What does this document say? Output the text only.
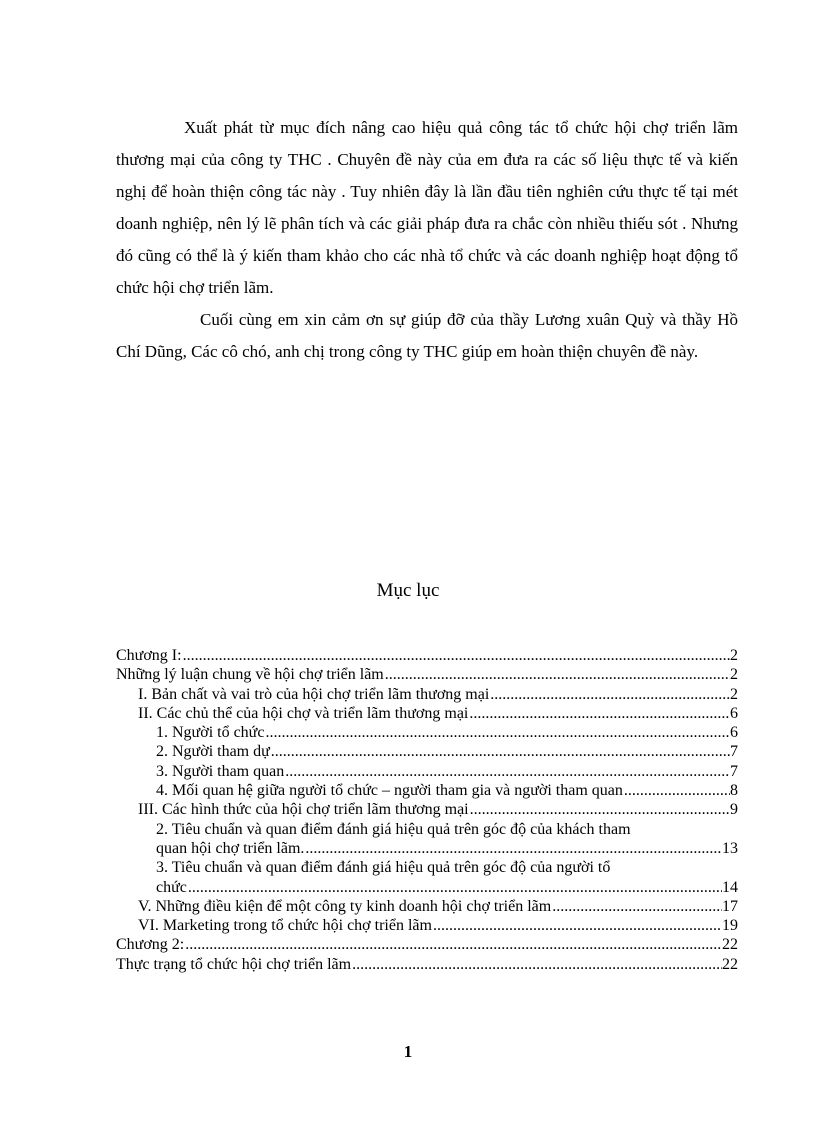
Xuất phát từ mục đích nâng cao hiệu quả công tác tổ chức hội chợ triển lãm thương mại của công ty THC . Chuyên đề này của em đưa ra các số liệu thực tế và kiến nghị để hoàn thiện công tác này . Tuy nhiên đây là lần đầu tiên nghiên cứu thực tế tại mét doanh nghiệp, nên lý lẽ phân tích và các giải pháp đưa ra chắc còn nhiều thiếu sót . Nhưng đó cũng có thể là ý kiến tham khảo cho các nhà tổ chức và các doanh nghiệp hoạt động tổ chức hội chợ triển lãm.

Cuối cùng em xin cảm ơn sự giúp đỡ của thầy Lương xuân Quỳ và thầy Hồ Chí Dũng, Các cô chó, anh chị trong công ty THC giúp em hoàn thiện chuyên đề này.

Mục lục
Chương I: .....	2
Những lý luận chung về hội chợ triển lãm .....	2
I. Bản chất và vai trò của hội chợ triển lãm thương mại .....	2
II. Các chủ thể của hội chợ và triển lãm thương mại .....	6
1. Người tổ chức .....	6
2. Người tham dự .....	7
3. Người tham quan .....	7
4. Mối quan hệ giữa người tổ chức – người tham gia và người tham quan .....	8
III. Các hình thức của hội chợ triển lãm thương mại .....	9
2. Tiêu chuẩn và quan điểm đánh giá hiệu quả trên góc độ của khách tham
quan hội chợ triển lãm. .....	13
3. Tiêu chuẩn và quan điểm đánh giá hiệu quả trên góc độ của người tổ
chức .....	14
V. Những điều kiện để một công ty kinh doanh hội chợ triển lãm .....	17
VI. Marketing trong tổ chức hội chợ triển lãm .....	19
Chương 2: .....	22
Thực trạng tổ chức hội chợ triển lãm .....	22
1
